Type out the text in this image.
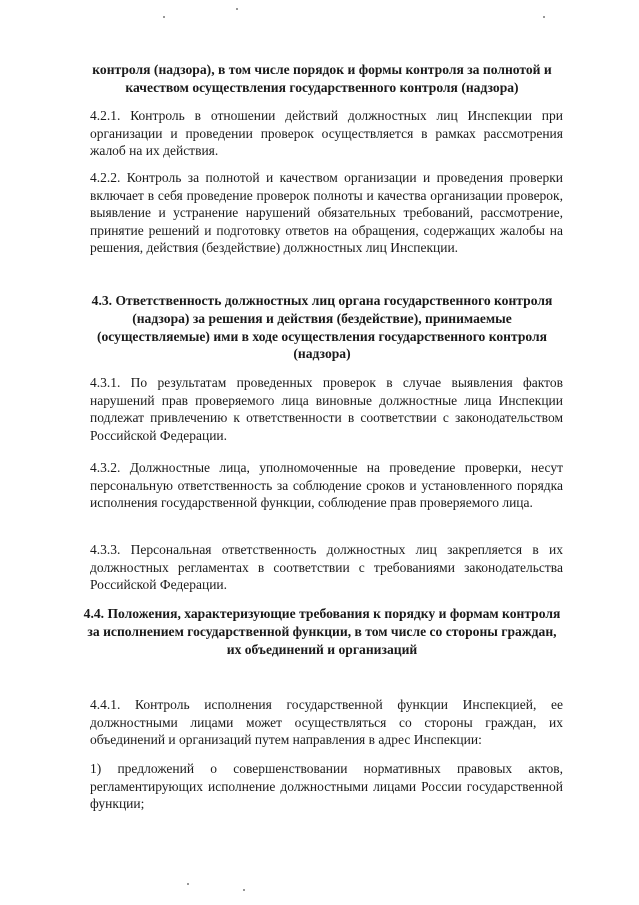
контроля (надзора), в том числе порядок и формы контроля за полнотой и качеством осуществления государственного контроля (надзора)

4.2.1. Контроль в отношении действий должностных лиц Инспекции при организации и проведении проверок осуществляется в рамках рассмотрения жалоб на их действия.

4.2.2. Контроль за полнотой и качеством организации и проведения проверки включает в себя проведение проверок полноты и качества организации проверок, выявление и устранение нарушений обязательных требований, рассмотрение, принятие решений и подготовку ответов на обращения, содержащих жалобы на решения, действия (бездействие) должностных лиц Инспекции.

4.3. Ответственность должностных лиц органа государственного контроля (надзора) за решения и действия (бездействие), принимаемые (осуществляемые) ими в ходе осуществления государственного контроля (надзора)

4.3.1. По результатам проведенных проверок в случае выявления фактов нарушений прав проверяемого лица виновные должностные лица Инспекции подлежат привлечению к ответственности в соответствии с законодательством Российской Федерации.

4.3.2. Должностные лица, уполномоченные на проведение проверки, несут персональную ответственность за соблюдение сроков и установленного порядка исполнения государственной функции, соблюдение прав проверяемого лица.

4.3.3. Персональная ответственность должностных лиц закрепляется в их должностных регламентах в соответствии с требованиями законодательства Российской Федерации.

4.4. Положения, характеризующие требования к порядку и формам контроля за исполнением государственной функции, в том числе со стороны граждан, их объединений и организаций

4.4.1. Контроль исполнения государственной функции Инспекцией, ее должностными лицами может осуществляться со стороны граждан, их объединений и организаций путем направления в адрес Инспекции:

1) предложений о совершенствовании нормативных правовых актов, регламентирующих исполнение должностными лицами России государственной функции;
